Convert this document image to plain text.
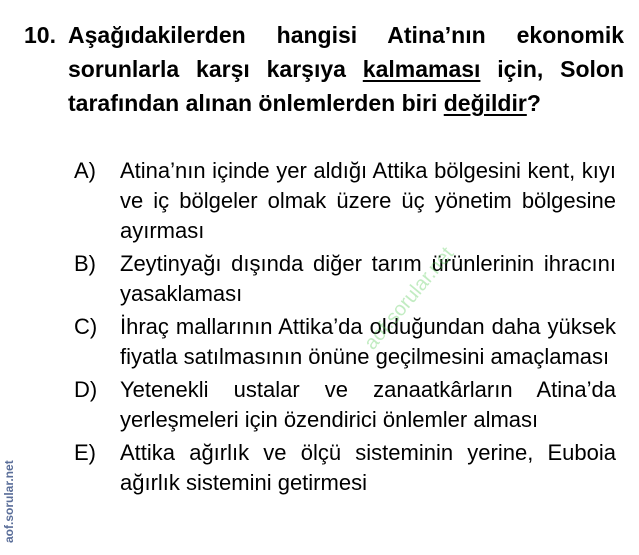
10. Aşağıdakilerden hangisi Atina’nın ekonomik sorunlarla karşı karşıya kalmaması için, Solon tarafından alınan önlemlerden biri değildir?
A) Atina’nın içinde yer aldığı Attika bölgesini kent, kıyı ve iç bölgeler olmak üzere üç yönetim bölgesine ayırması
B) Zeytinyağı dışında diğer tarım ürünlerinin ihracını yasaklaması
C) İhraç mallarının Attika’da olduğundan daha yüksek fiyatla satılmasının önüne geçilmesini amaçlaması
D) Yetenekli ustalar ve zanaatkârların Atina’da yerleşmeleri için özendirici önlemler alması
E) Attika ağırlık ve ölçü sisteminin yerine, Euboia ağırlık sistemini getirmesi
aof.sorular.net
aof.sorular.net
